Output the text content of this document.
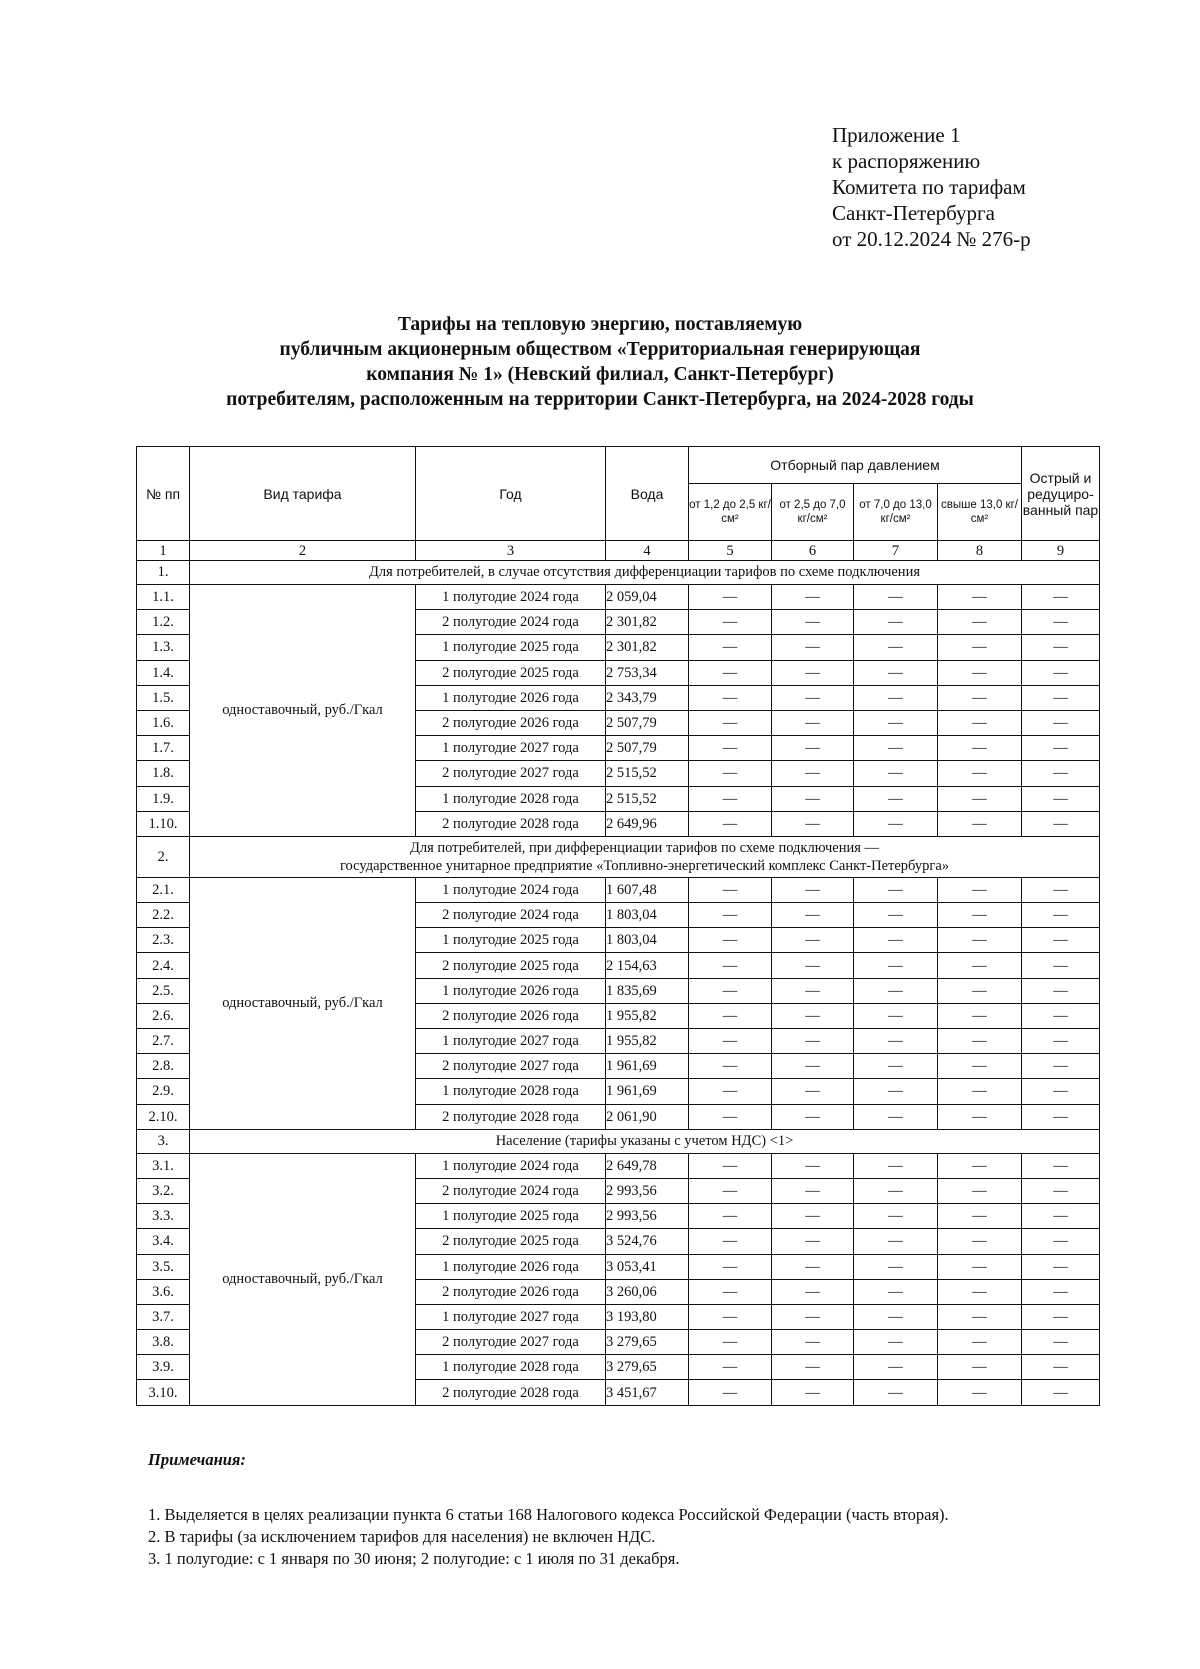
Приложение 1
к распоряжению
Комитета по тарифам
Санкт-Петербурга
от 20.12.2024 № 276-р
Тарифы на тепловую энергию, поставляемую
публичным акционерным обществом «Территориальная генерирующая
компания № 1» (Невский филиал, Санкт-Петербург)
потребителям, расположенным на территории Санкт-Петербурга, на 2024-2028 годы
№ пп	Вид тарифа	Год	Вода	Отборный пар давлением				Острый и редуциро-ванный пар
				от 1,2 до 2,5 кг/см²	от 2,5 до 7,0 кг/см²	от 7,0 до 13,0 кг/см²	свыше 13,0 кг/см²	
1	2	3	4	5	6	7	8	9
1.	Для потребителей, в случае отсутствия дифференциации тарифов по схеме подключения							

1.1.	одноставочный, руб./Гкал	1 полугодие 2024 года	2 059,04	—	—	—	—	—
1.2.		2 полугодие 2024 года	2 301,82	—	—	—	—	—
1.3.		1 полугодие 2025 года	2 301,82	—	—	—	—	—
1.4.		2 полугодие 2025 года	2 753,34	—	—	—	—	—
1.5.		1 полугодие 2026 года	2 343,79	—	—	—	—	—
1.6.		2 полугодие 2026 года	2 507,79	—	—	—	—	—
1.7.		1 полугодие 2027 года	2 507,79	—	—	—	—	—
1.8.		2 полугодие 2027 года	2 515,52	—	—	—	—	—
1.9.		1 полугодие 2028 года	2 515,52	—	—	—	—	—
1.10.		2 полугодие 2028 года	2 649,96	—	—	—	—	—
2.	Для потребителей, при дифференциации тарифов по схеме подключения —
государственное унитарное предприятие «Топливно-энергетический комплекс Санкт-Петербурга»							

2.1.	одноставочный, руб./Гкал	1 полугодие 2024 года	1 607,48	—	—	—	—	—
2.2.		2 полугодие 2024 года	1 803,04	—	—	—	—	—
2.3.		1 полугодие 2025 года	1 803,04	—	—	—	—	—
2.4.		2 полугодие 2025 года	2 154,63	—	—	—	—	—
2.5.		1 полугодие 2026 года	1 835,69	—	—	—	—	—
2.6.		2 полугодие 2026 года	1 955,82	—	—	—	—	—
2.7.		1 полугодие 2027 года	1 955,82	—	—	—	—	—
2.8.		2 полугодие 2027 года	1 961,69	—	—	—	—	—
2.9.		1 полугодие 2028 года	1 961,69	—	—	—	—	—
2.10.		2 полугодие 2028 года	2 061,90	—	—	—	—	—
3.	Население (тарифы указаны с учетом НДС) <1>							

3.1.	одноставочный, руб./Гкал	1 полугодие 2024 года	2 649,78	—	—	—	—	—
3.2.		2 полугодие 2024 года	2 993,56	—	—	—	—	—
3.3.		1 полугодие 2025 года	2 993,56	—	—	—	—	—
3.4.		2 полугодие 2025 года	3 524,76	—	—	—	—	—
3.5.		1 полугодие 2026 года	3 053,41	—	—	—	—	—
3.6.		2 полугодие 2026 года	3 260,06	—	—	—	—	—
3.7.		1 полугодие 2027 года	3 193,80	—	—	—	—	—
3.8.		2 полугодие 2027 года	3 279,65	—	—	—	—	—
3.9.		1 полугодие 2028 года	3 279,65	—	—	—	—	—
3.10.		2 полугодие 2028 года	3 451,67	—	—	—	—	—
Примечания:
1. Выделяется в целях реализации пункта 6 статьи 168 Налогового кодекса Российской Федерации (часть вторая).
2. В тарифы (за исключением тарифов для населения) не включен НДС.
3. 1 полугодие: с 1 января по 30 июня; 2 полугодие: с 1 июля по 31 декабря.
